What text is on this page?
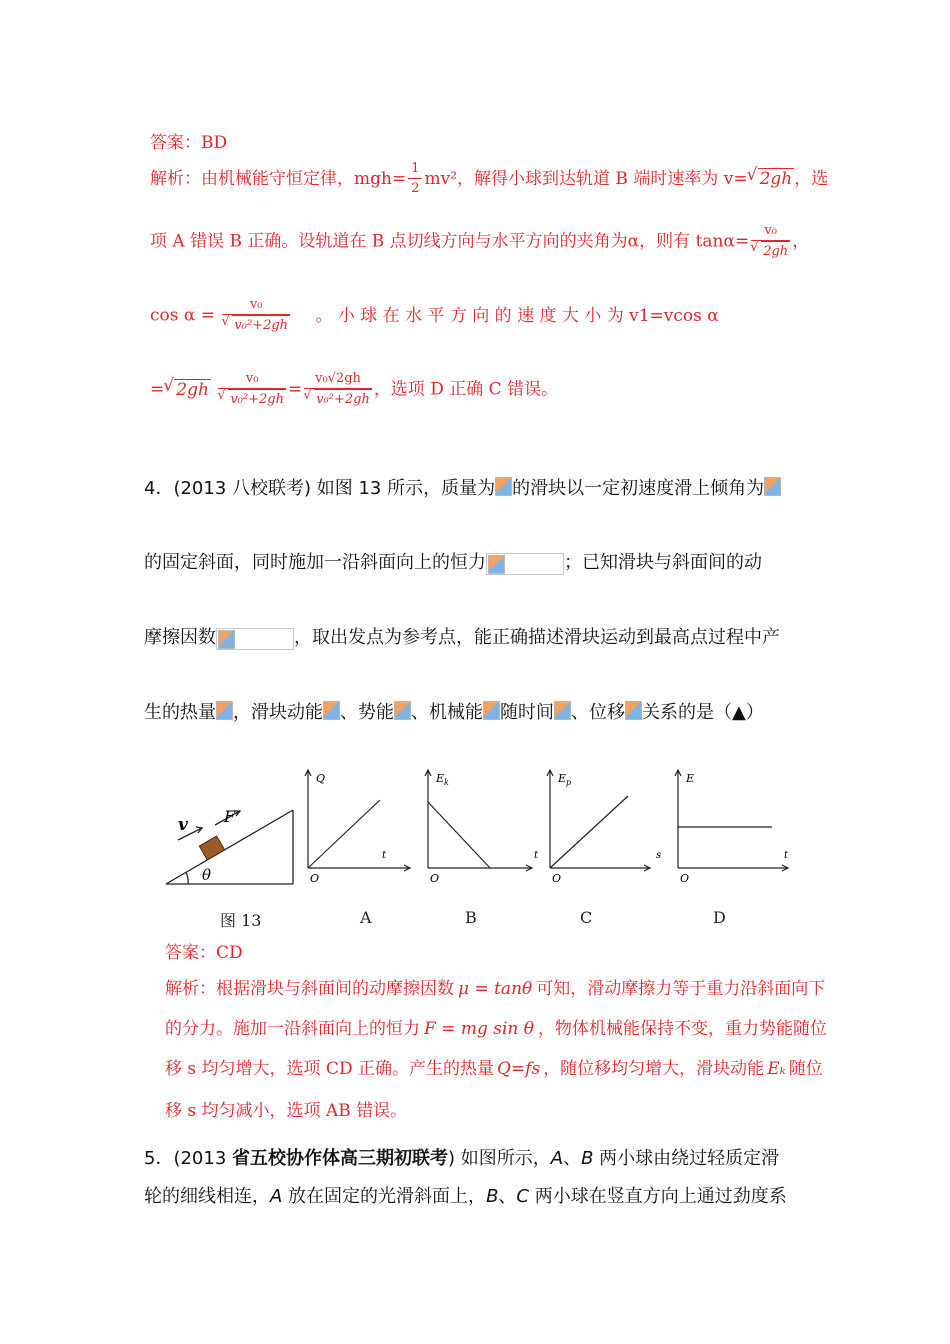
答案：BD
解析：由机械能守恒定律，$mgh= \frac{1}{2} mv^2$，解得小球到达轨道 B 端时速率为 v= √ 2gh ，选
项 A 错误 B 正确。设轨道在 B 点切线方向与水平方向的夹角为α，则有 tanα= v₀
√ 2gh ，
cos α = v₀
√ v₀²+2gh 。 小 球 在 水 平 方 向 的 速 度 大 小 为 v1=vcos α
= √ 2gh v₀
√ v₀²+2gh = v₀√2gh
√ v₀²+2gh ，选项 D 正确 C 错误。
4．(2013 八校联考) 如图 13 所示，质量为 的滑块以一定初速度滑上倾角为
的固定斜面，同时施加一沿斜面向上的恒力	；已知滑块与斜面间的动
摩擦因数	，取出发点为参考点，能正确描述滑块运动到最高点过程中产
生的热量 ，滑块动能 、势能 、机械能 随时间 、位移 关系的是（▲）
v F
θ
Q
t
O
E k
t
O
E p
s
O
E
t
O
图 13	A	B	C	D
答案：CD
解析：根据滑块与斜面间的动摩擦因数 μ = tanθ 可知，滑动摩擦力等于重力沿斜面向下
的分力。施加一沿斜面向上的恒力 F = mg sin θ ，物体机械能保持不变，重力势能随位
移 s 均匀增大，选项 CD 正确。产生的热量 Q=fs ，随位移均匀增大，滑块动能 Eₖ 随位
移 s 均匀减小，选项 AB 错误。
5．(2013 省五校协作体高三期初联考) 如图所示，A、B 两小球由绕过轻质定滑
轮的细线相连，A 放在固定的光滑斜面上，B、C 两小球在竖直方向上通过劲度系
